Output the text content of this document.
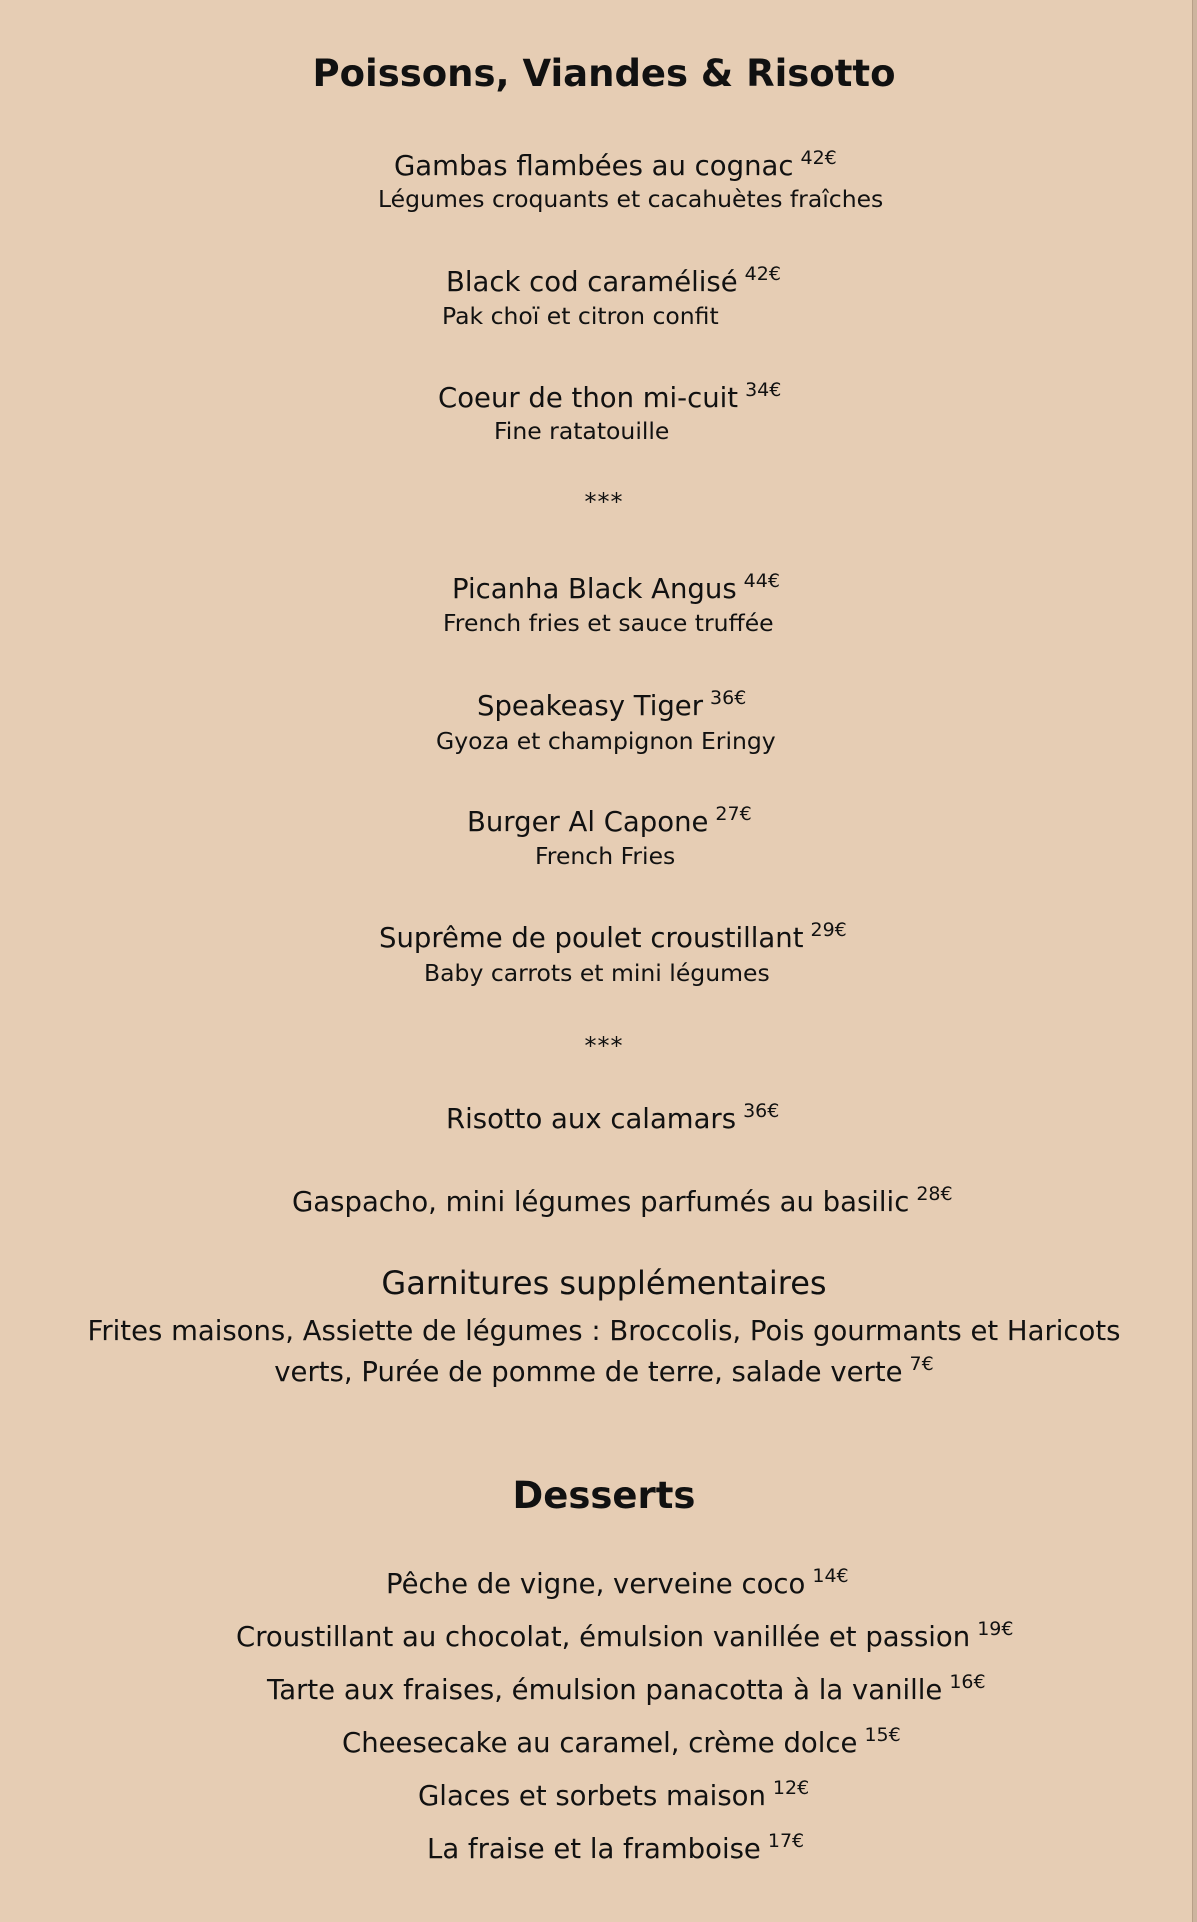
Poissons, Viandes & Risotto
Gambas flambées au cognac $^{42€}$
Légumes croquants et cacahuètes fraîches
Black cod caramélisé $^{42€}$
Pak choï et citron confit
Coeur de thon mi-cuit $^{34€}$
Fine ratatouille
***
Picanha Black Angus $^{44€}$
French fries et sauce truffée
Speakeasy Tiger $^{36€}$
Gyoza et champignon Eringy
Burger Al Capone $^{27€}$
French Fries
Suprême de poulet croustillant $^{29€}$
Baby carrots et mini légumes
***
Risotto aux calamars $^{36€}$
Gaspacho, mini légumes parfumés au basilic $^{28€}$
Garnitures supplémentaires
Frites maisons, Assiette de légumes : Broccolis, Pois gourmants et Haricots
verts, Purée de pomme de terre, salade verte $^{7€}$
Desserts
Pêche de vigne, verveine coco $^{14€}$
Croustillant au chocolat, émulsion vanillée et passion $^{19€}$
Tarte aux fraises, émulsion panacotta à la vanille $^{16€}$
Cheesecake au caramel, crème dolce $^{15€}$
Glaces et sorbets maison $^{12€}$
La fraise et la framboise $^{17€}$
